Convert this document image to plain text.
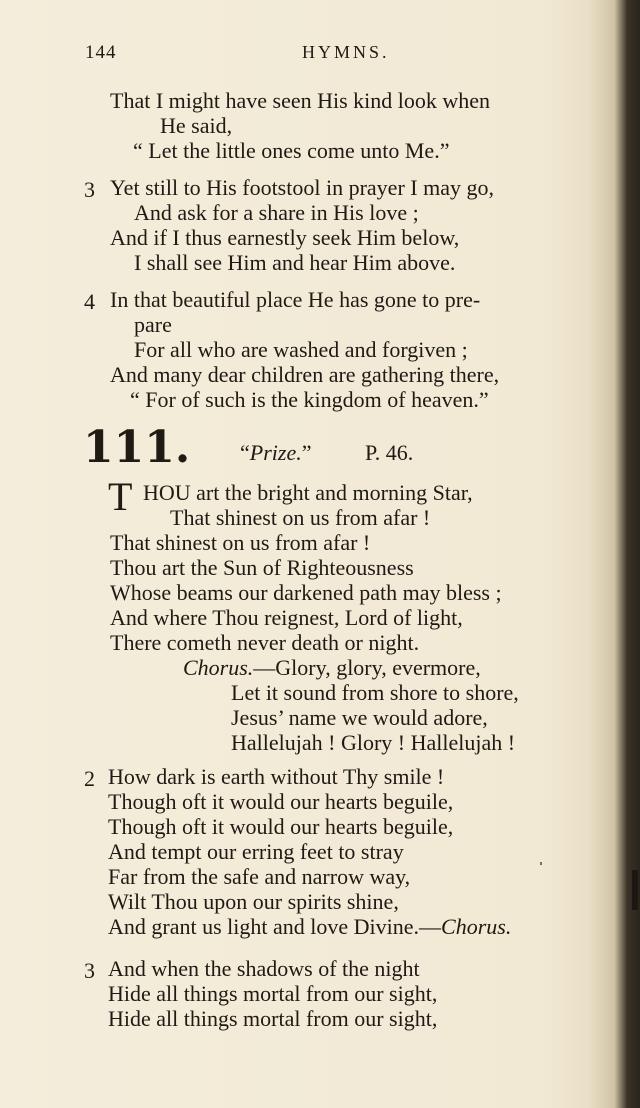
144	HYMNS.
That I might have seen His kind look when
He said,
“ Let the little ones come unto Me.”
3 Yet still to His footstool in prayer I may go,
And ask for a share in His love ;
And if I thus earnestly seek Him below,
I shall see Him and hear Him above.
4 In that beautiful place He has gone to pre-
pare
For all who are washed and forgiven ;
And many dear children are gathering there,
“ For of such is the kingdom of heaven.”
111. “Prize.” P. 46.
T HOU art the bright and morning Star,
That shinest on us from afar !
That shinest on us from afar !
Thou art the Sun of Righteousness
Whose beams our darkened path may bless ;
And where Thou reignest, Lord of light,
There cometh never death or night.
Chorus.—Glory, glory, evermore,
Let it sound from shore to shore,
Jesus’ name we would adore,
Hallelujah ! Glory ! Hallelujah !
2 How dark is earth without Thy smile !
Though oft it would our hearts beguile,
Though oft it would our hearts beguile,
And tempt our erring feet to stray
Far from the safe and narrow way,
Wilt Thou upon our spirits shine,
And grant us light and love Divine.—Chorus.
3 And when the shadows of the night
Hide all things mortal from our sight,
Hide all things mortal from our sight,
